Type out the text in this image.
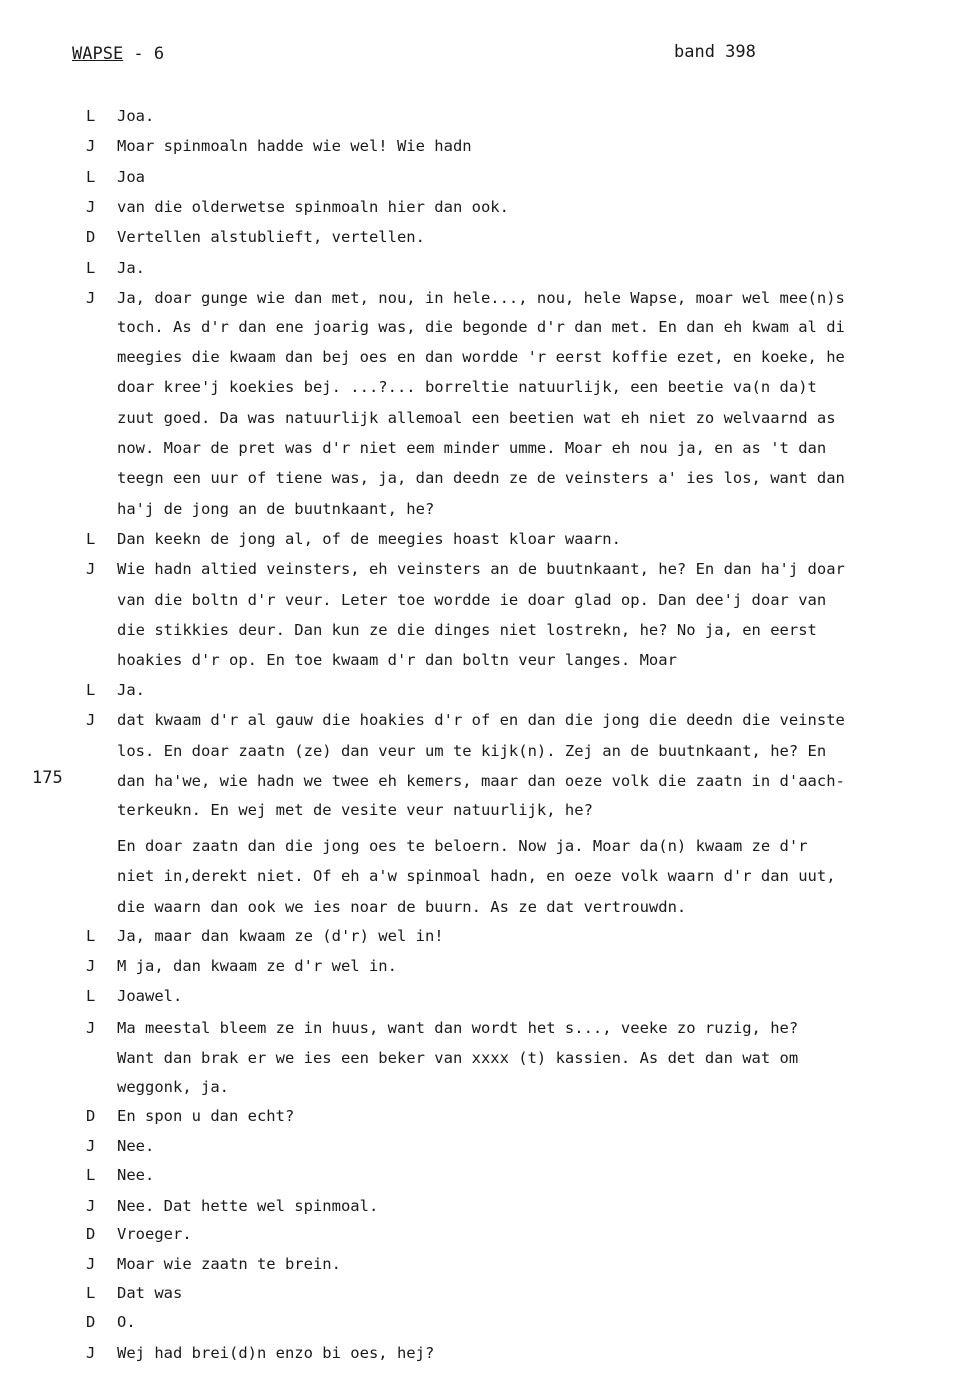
WAPSE - 6	band 398
175
L	Joa.
J	Moar spinmoaln hadde wie wel! Wie hadn
L	Joa
J	van die olderwetse spinmoaln hier dan ook.
D	Vertellen alstublieft, vertellen.
L	Ja.
J	Ja, doar gunge wie dan met, nou, in hele..., nou, hele Wapse, moar wel mee(n)s
toch. As d'r dan ene joarig was, die begonde d'r dan met. En dan eh kwam al di
meegies die kwaam dan bej oes en dan wordde 'r eerst koffie ezet, en koeke, he
doar kree'j koekies bej. ...?... borreltie natuurlijk, een beetie va(n da)t
zuut goed. Da was natuurlijk allemoal een beetien wat eh niet zo welvaarnd as
now. Moar de pret was d'r niet eem minder umme. Moar eh nou ja, en as 't dan
teegn een uur of tiene was, ja, dan deedn ze de veinsters a' ies los, want dan
ha'j de jong an de buutnkaant, he?
L	Dan keekn de jong al, of de meegies hoast kloar waarn.
J	Wie hadn altied veinsters, eh veinsters an de buutnkaant, he? En dan ha'j doar
van die boltn d'r veur. Leter toe wordde ie doar glad op. Dan dee'j doar van
die stikkies deur. Dan kun ze die dinges niet lostrekn, he? No ja, en eerst
hoakies d'r op. En toe kwaam d'r dan boltn veur langes. Moar
L	Ja.
J	dat kwaam d'r al gauw die hoakies d'r of en dan die jong die deedn die veinste
los. En doar zaatn (ze) dan veur um te kijk(n). Zej an de buutnkaant, he? En
dan ha'we, wie hadn we twee eh kemers, maar dan oeze volk die zaatn in d'aach-
terkeukn. En wej met de vesite veur natuurlijk, he?
En doar zaatn dan die jong oes te beloern. Now ja. Moar da(n) kwaam ze d'r
niet in,derekt niet. Of eh a'w spinmoal hadn, en oeze volk waarn d'r dan uut,
die waarn dan ook we ies noar de buurn. As ze dat vertrouwdn.
L	Ja, maar dan kwaam ze (d'r) wel in!
J	M ja, dan kwaam ze d'r wel in.
L	Joawel.
J	Ma meestal bleem ze in huus, want dan wordt het s..., veeke zo ruzig, he?
Want dan brak er we ies een beker van xxxx (t) kassien. As det dan wat om
weggonk, ja.
D	En spon u dan echt?
J	Nee.
L	Nee.
J	Nee. Dat hette wel spinmoal.
D	Vroeger.
J	Moar wie zaatn te brein.
L	Dat was
D	O.
J	Wej had brei(d)n enzo bi oes, hej?
